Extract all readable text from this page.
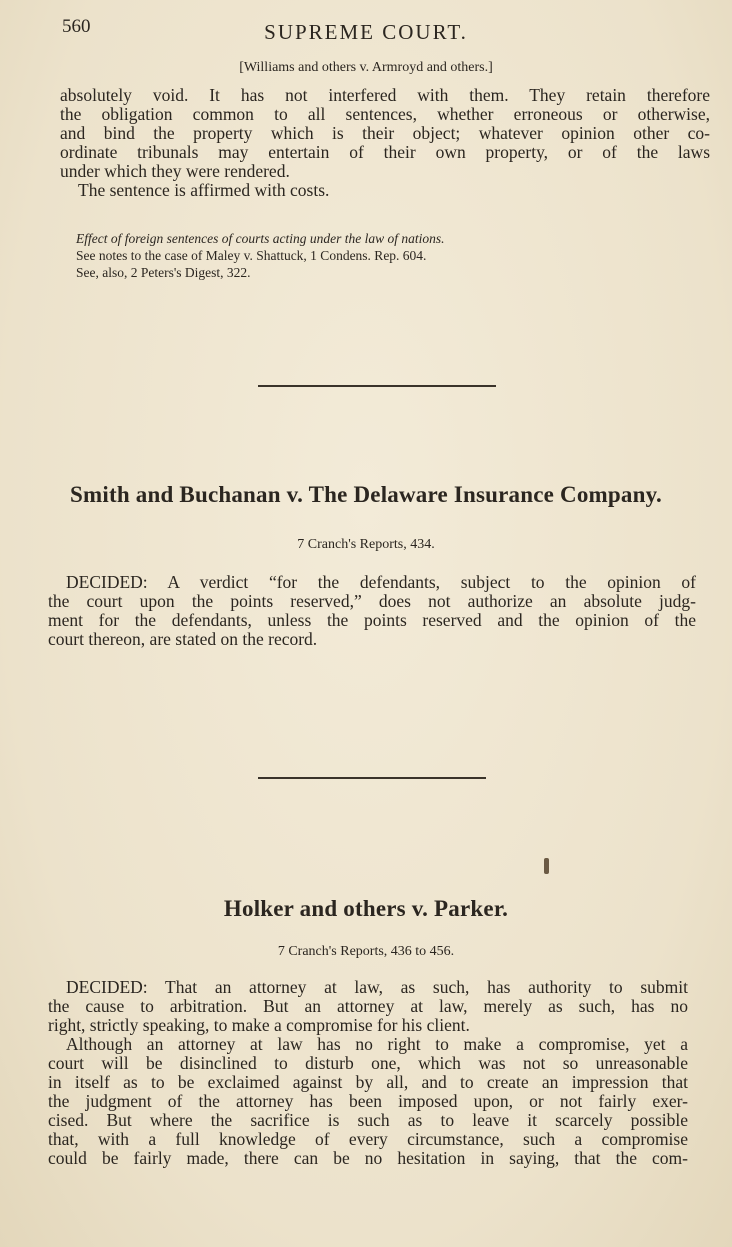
560	SUPREME COURT.
[Williams and others v. Armroyd and others.]
absolutely void. It has not interfered with them. They retain therefore
the obligation common to all sentences, whether erroneous or otherwise,
and bind the property which is their object; whatever opinion other co-
ordinate tribunals may entertain of their own property, or of the laws
under which they were rendered.
The sentence is affirmed with costs.
Effect of foreign sentences of courts acting under the law of nations.
See notes to the case of Maley v. Shattuck, 1 Condens. Rep. 604.
See, also, 2 Peters's Digest, 322.
Smith and Buchanan v. The Delaware Insurance Company.
7 Cranch's Reports, 434.
DECIDED: A verdict “for the defendants, subject to the opinion of
the court upon the points reserved,” does not authorize an absolute judg-
ment for the defendants, unless the points reserved and the opinion of the
court thereon, are stated on the record.
Holker and others v. Parker.
7 Cranch's Reports, 436 to 456.
DECIDED: That an attorney at law, as such, has authority to submit
the cause to arbitration. But an attorney at law, merely as such, has no
right, strictly speaking, to make a compromise for his client.
Although an attorney at law has no right to make a compromise, yet a
court will be disinclined to disturb one, which was not so unreasonable
in itself as to be exclaimed against by all, and to create an impression that
the judgment of the attorney has been imposed upon, or not fairly exer-
cised. But where the sacrifice is such as to leave it scarcely possible
that, with a full knowledge of every circumstance, such a compromise
could be fairly made, there can be no hesitation in saying, that the com-
